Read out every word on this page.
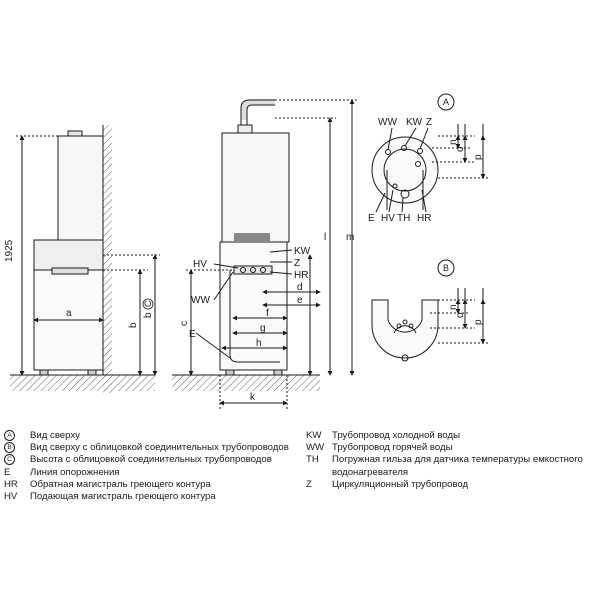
1925
a
b
b
C
HV
WW
E
KW
Z
HR
c
d
e
f
g
h
k
l m
A
WW KW Z
E HV TH HR
n
o
p
B
n
o
p
A	Вид сверху
B	Вид сверху с облицовкой соединительных трубопроводов
C	Высота с облицовкой соединительных трубопроводов
E	Линия опорожнения
HR	Обратная магистраль греющего контура
HV	Подающая магистраль греющего контура
KW	Трубопровод холодной воды
WW Трубопровод горячей воды
TH	Погружная гильза для датчика температуры емкостного водонагревателя
Z	Циркуляционный трубопровод
